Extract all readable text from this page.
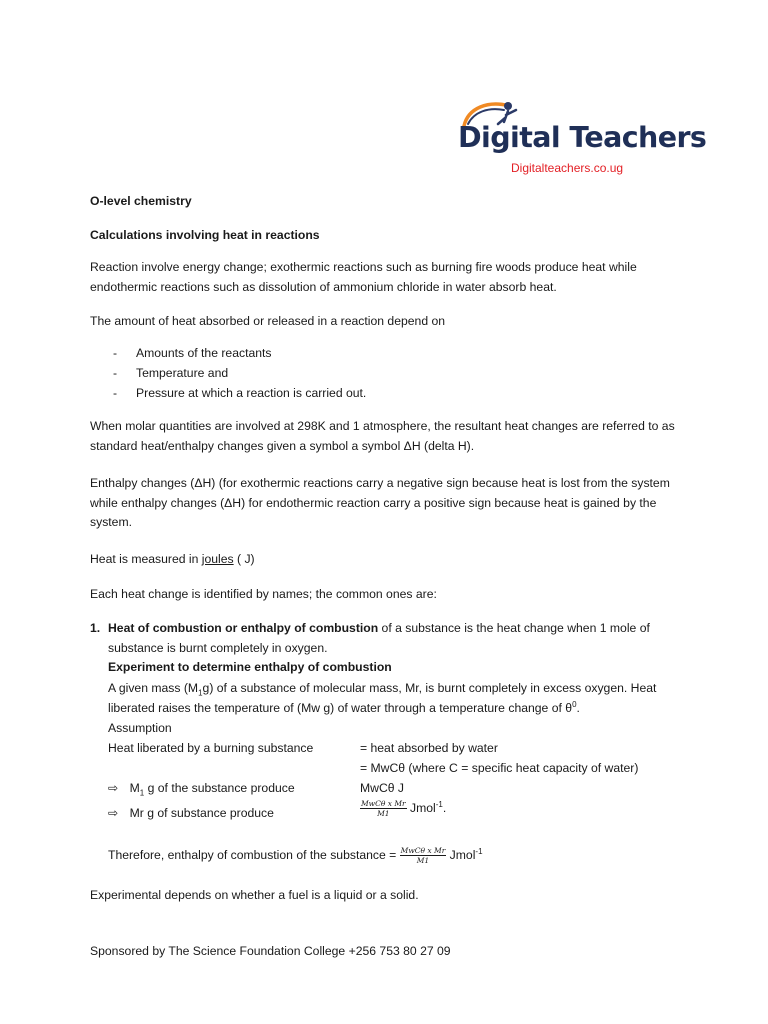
Digital Teachers
Digitalteachers.co.ug
O-level chemistry
Calculations involving heat in reactions
Reaction involve energy change; exothermic reactions such as burning fire woods produce heat while endothermic reactions such as dissolution of ammonium chloride in water absorb heat.
The amount of heat absorbed or released in a reaction depend on
- Amounts of the reactants
- Temperature and
- Pressure at which a reaction is carried out.
When molar quantities are involved at 298K and 1 atmosphere, the resultant heat changes are referred to as standard heat/enthalpy changes given a symbol a symbol ΔH (delta H).
Enthalpy changes (ΔH) (for exothermic reactions carry a negative sign because heat is lost from the system while enthalpy changes (ΔH) for endothermic reaction carry a positive sign because heat is gained by the system.
Heat is measured in joules ( J)
Each heat change is identified by names; the common ones are:
1. Heat of combustion or enthalpy of combustion of a substance is the heat change when 1 mole of substance is burnt completely in oxygen.
Experiment to determine enthalpy of combustion
A given mass $(M_1g)$ of a substance of molecular mass, Mr, is burnt completely in excess oxygen. Heat liberated raises the temperature of (Mw g) of water through a temperature change of $\theta^0$.
Assumption
Heat liberated by a burning substance	= heat absorbed by water
= MwCθ (where C = specific heat capacity of water)
⇨ $M_1$ g of the substance produce	MwCθ J
⇨ Mr g of substance produce	$\frac{\text{MwCθ x Mr}}{M1}$ Jmol$^{-1}$.
Therefore, enthalpy of combustion of the substance = $\frac{\text{MwCθ x Mr}}{M1}$ Jmol$^{-1}$
Experimental depends on whether a fuel is a liquid or a solid.
Sponsored by The Science Foundation College +256 753 80 27 09
